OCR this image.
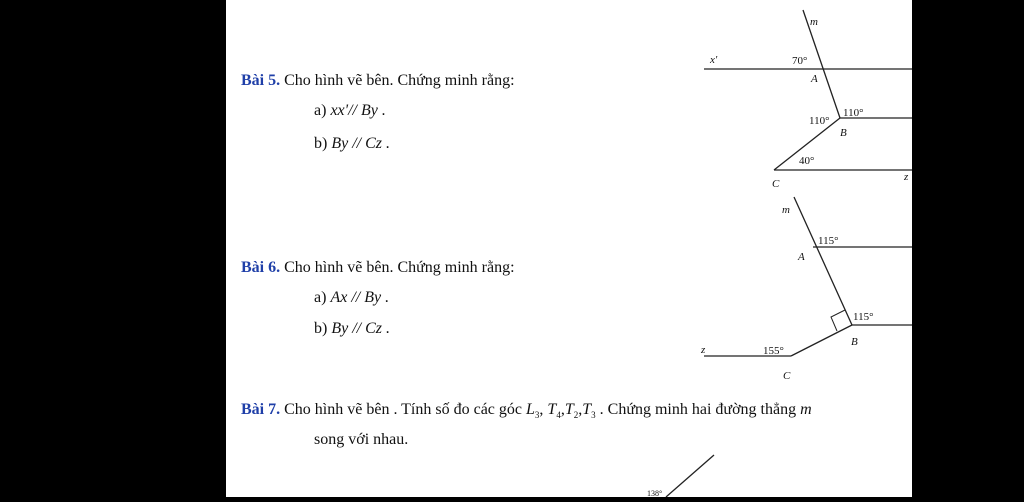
Bài 5. Cho hình vẽ bên. Chứng minh rằng:
a) xx'// By .
b) By // Cz .
Bài 6. Cho hình vẽ bên. Chứng minh rằng:
a) Ax // By .
b) By // Cz .
Bài 7. Cho hình vẽ bên . Tính số đo các góc $L_3$, $T_4,T_2,T_3$ . Chứng minh hai đường thẳng m
song với nhau.
m
x'	70°
A
110°
110°
B
40°
C
z
m
115°
A
115°
B
155°
z
C
138°
